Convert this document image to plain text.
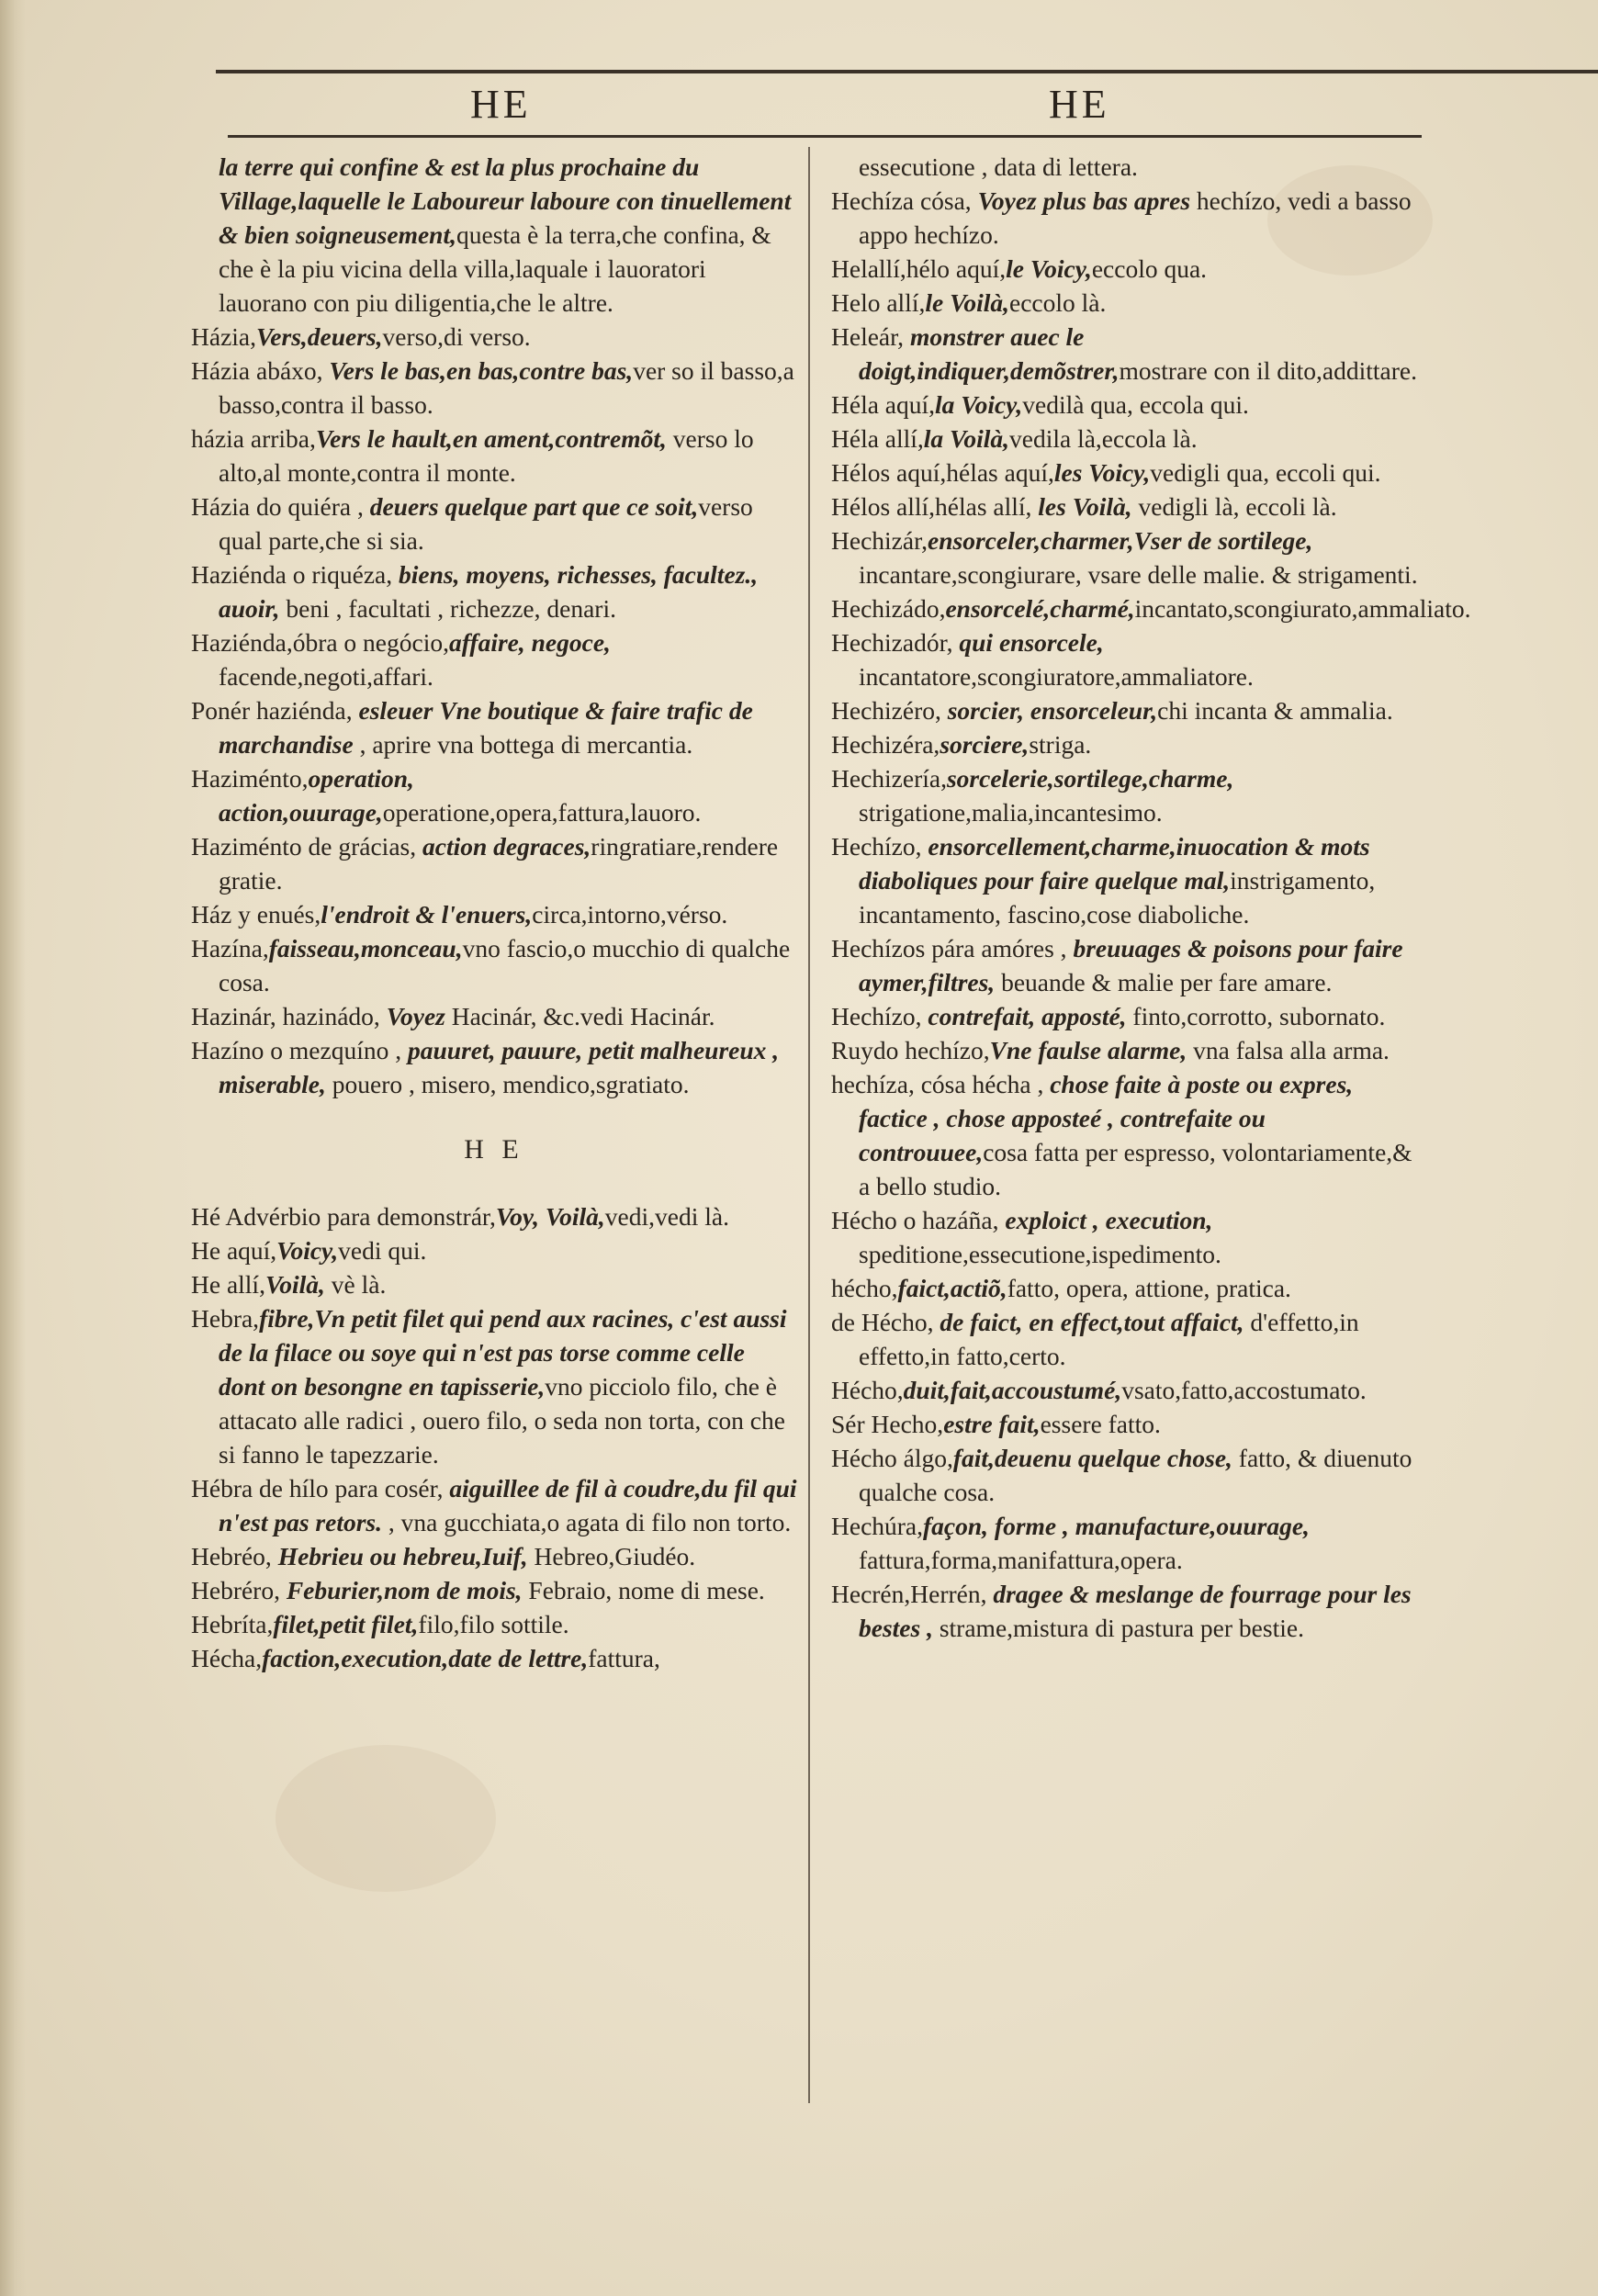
HE	HE

la terre qui confine & est la plus prochaine du Village,laquelle le Laboureur laboure con tinuellement & bien soigneusement,questa è la terra,che confina, & che è la piu vicina della villa,laquale i lauoratori lauorano con piu diligentia,che le altre.

Házia,Vers,deuers,verso,di verso.

Házia abáxo, Vers le bas,en bas,contre bas,ver so il basso,a basso,contra il basso.

házia arriba,Vers le hault,en ament,contremõt, verso lo alto,al monte,contra il monte.

Házia do quiéra , deuers quelque part que ce soit,verso qual parte,che si sia.

Haziénda o riquéza, biens, moyens, richesses, facultez., auoir, beni , facultati , richezze, denari.

Haziénda,óbra o negócio,affaire, negoce, facende,negoti,affari.

Ponér haziénda, esleuer Vne boutique & faire trafic de marchandise , aprire vna bottega di mercantia.

Haziménto,operation, action,ouurage,operatione,opera,fattura,lauoro.

Haziménto de grácias, action degraces,ringratiare,rendere gratie.

Ház y enués,l'endroit & l'enuers,circa,intorno,vérso.

Hazína,faisseau,monceau,vno fascio,o mucchio di qualche cosa.

Hazinár, hazinádo, Voyez Hacinár, &c.vedi Hacinár.

Hazíno o mezquíno , pauuret, pauure, petit malheureux , miserable, pouero , misero, mendico,sgratiato.

H E

Hé Advérbio para demonstrár,Voy, Voilà,vedi,vedi là.

He aquí,Voicy,vedi qui.

He allí,Voilà, vè là.

Hebra,fibre,Vn petit filet qui pend aux racines, c'est aussi de la filace ou soye qui n'est pas torse comme celle dont on besongne en tapisserie,vno picciolo filo, che è attacato alle radici , ouero filo, o seda non torta, con che si fanno le tapezzarie.

Hébra de hílo para cosér, aiguillee de fil à coudre,du fil qui n'est pas retors. , vna gucchiata,o agata di filo non torto.

Hebréo, Hebrieu ou hebreu,Iuif, Hebreo,Giudéo.

Hebréro, Feburier,nom de mois, Febraio, nome di mese.

Hebríta,filet,petit filet,filo,filo sottile.

Hécha,faction,execution,date de lettre,fattura,

essecutione , data di lettera.

Hechíza cósa, Voyez plus bas apres hechízo, vedi a basso appo hechízo.

Helallí,hélo aquí,le Voicy,eccolo qua.

Helo allí,le Voilà,eccolo là.

Heleár, monstrer auec le doigt,indiquer,demõstrer,mostrare con il dito,addittare.

Héla aquí,la Voicy,vedilà qua, eccola qui.

Héla allí,la Voilà,vedila là,eccola là.

Hélos aquí,hélas aquí,les Voicy,vedigli qua, eccoli qui.

Hélos allí,hélas allí, les Voilà, vedigli là, eccoli là.

Hechizár,ensorceler,charmer,Vser de sortilege, incantare,scongiurare, vsare delle malie. & strigamenti.

Hechizádo,ensorcelé,charmé,incantato,scongiurato,ammaliato.

Hechizadór, qui ensorcele, incantatore,scongiuratore,ammaliatore.

Hechizéro, sorcier, ensorceleur,chi incanta & ammalia.

Hechizéra,sorciere,striga.

Hechizería,sorcelerie,sortilege,charme, strigatione,malia,incantesimo.

Hechízo, ensorcellement,charme,inuocation & mots diaboliques pour faire quelque mal,instrigamento, incantamento, fascino,cose diaboliche.

Hechízos pára amóres , breuuages & poisons pour faire aymer,filtres, beuande & malie per fare amare.

Hechízo, contrefait, apposté, finto,corrotto, subornato.

Ruydo hechízo,Vne faulse alarme, vna falsa alla arma.

hechíza, cósa hécha , chose faite à poste ou expres, factice , chose apposteé , contrefaite ou controuuee,cosa fatta per espresso, volontariamente,& a bello studio.

Hécho o hazáña, exploict , execution, speditione,essecutione,ispedimento.

hécho,faict,actiõ,fatto, opera, attione, pratica.

de Hécho, de faict, en effect,tout affaict, d'effetto,in effetto,in fatto,certo.

Hécho,duit,fait,accoustumé,vsato,fatto,accostumato.

Sér Hecho,estre fait,essere fatto.

Hécho álgo,fait,deuenu quelque chose, fatto, & diuenuto qualche cosa.

Hechúra,façon, forme , manufacture,ouurage, fattura,forma,manifattura,opera.

Hecrén,Herrén, dragee & meslange de fourrage pour les bestes , strame,mistura di pastura per bestie.
